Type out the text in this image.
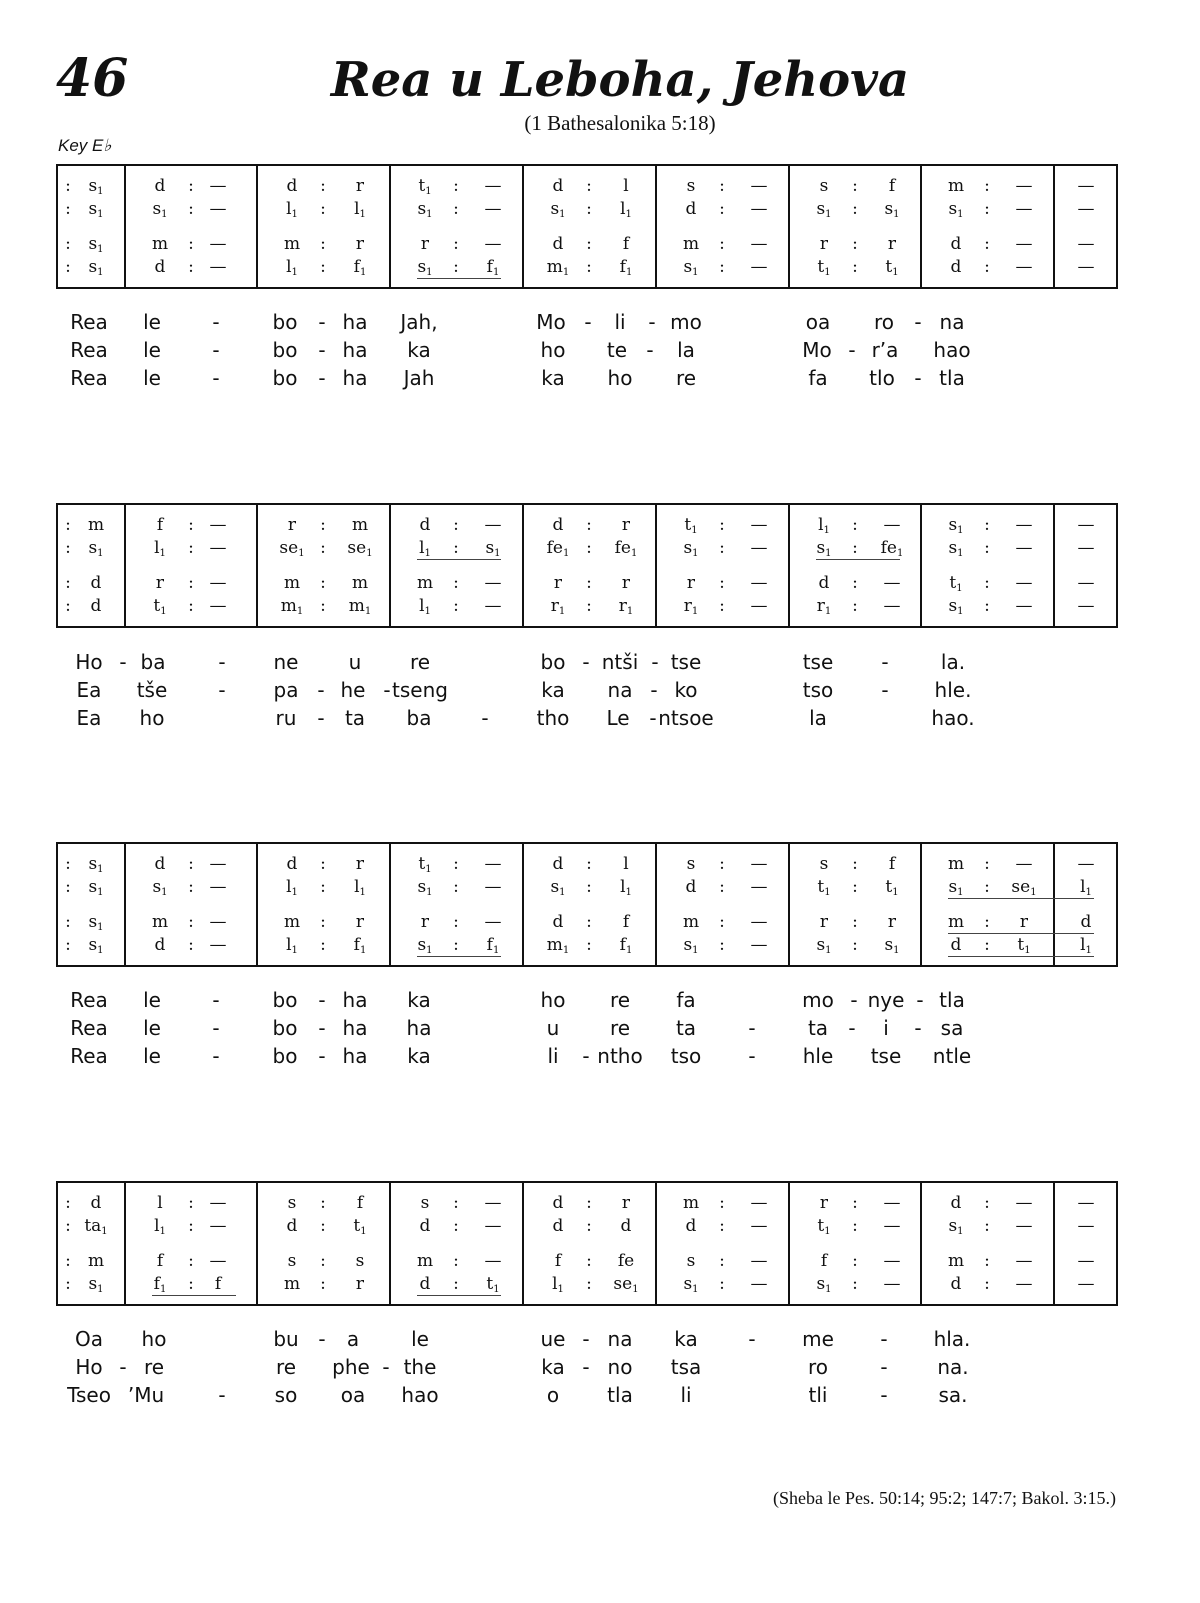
46	Rea u Leboha, Jehova
(1 Bathesalonika 5:18)
Key E♭
:	$s_1$	d	: —	d	:	r	$t_1$	:	—	d	:	l	s	:	—	s	:	f	m	:	—	—
:	$s_1$	$s_1$	: —	$l_1$	:	$l_1$	$s_1$	:	—	$s_1$	:	$l_1$	d	:	—	$s_1$	:	$s_1$	$s_1$	:	—	—
:	$s_1$	m	: —	m	:	r	r	:	—	d	:	f	m	:	—	r	:	r	d	:	—	—
:	$s_1$	d	: —	$l_1$	:	$f_1$	$s_1$	:	$f_1$	$m_1$ :	$f_1$	$s_1$	:	—	$t_1$	:	$t_1$	d	:	—	—
Rea	le	-	bo	- ha	Jah,	Mo -	li	- mo	oa	ro	- na
Rea	le	-	bo	- ha	ka	ho	te -	la	Mo - r’a	hao
Rea	le	-	bo	- ha	Jah	ka	ho	re	fa	tlo - tla
:	m	f	: —	r	:	m	d	:	—	d	:	r	$t_1$	:	—	$l_1$	:	—	$s_1$	:	—	—
:	$s_1$	$l_1$	: —	$se_1$ :	$se_1$	$l_1$	:	$s_1$	$fe_1$ :	$fe_1$	$s_1$	:	—	$s_1$	:	$fe_1$	$s_1$	:	—	—
:	d	r	: —	m	:	m	m	:	—	r	:	r	r	:	—	d	:	—	$t_1$	:	—	—
:	d	$t_1$	: —	$m_1$ :	$m_1$	$l_1$	:	—	$r_1$	:	$r_1$	$r_1$	:	—	$r_1$	:	—	$s_1$	:	—	—
Ho - ba	-	ne	u	re	bo - ntši - tse	tse	-	la.
Ea	tše	-	pa - he - tseng	ka	na - ko	tso	-	hle.
Ea	ho	ru	-	ta	ba	-	tho	Le - ntsoe	la	hao.
:	$s_1$	d	: —	d	:	r	$t_1$	:	—	d	:	l	s	:	—	s	:	f	m	:	—	—
:	$s_1$	$s_1$	: —	$l_1$	:	$l_1$	$s_1$	:	—	$s_1$	:	$l_1$	d	:	—	$t_1$	:	$t_1$	$s_1$	:	$se_1$	$l_1$
:	$s_1$	m	: —	m	:	r	r	:	—	d	:	f	m	:	—	r	:	r	m	:	r	d
:	$s_1$	d	: —	$l_1$	:	$f_1$	$s_1$	:	$f_1$	$m_1$ :	$f_1$	$s_1$	:	—	$s_1$	:	$s_1$	d	:	$t_1$	$l_1$
Rea	le	-	bo	- ha	ka	ho	re	fa	mo - nye - tla
Rea	le	-	bo	- ha	ha	u	re	ta	-	ta	-	i	- sa
Rea	le	-	bo	- ha	ka	li	- ntho	tso	-	hle	tse	ntle
:	d	l	: —	s	:	f	s	:	—	d	:	r	m	:	—	r	:	—	d	:	—	—
: $ta_1$	$l_1$	: —	d	:	$t_1$	d	:	—	d	:	d	d	:	—	$t_1$	:	—	$s_1$	:	—	—
:	m	f	: —	s	:	s	m	:	—	f	:	fe	s	:	—	f	:	—	m	:	—	—
:	$s_1$	$f_1$	:	f	m	:	r	d	:	$t_1$	$l_1$	:	$se_1$	$s_1$	:	—	$s_1$	:	—	d	:	—	—
Oa	ho	bu -	a	le	ue - na	ka	-	me	-	hla.
Ho - re	re	phe - the	ka - no	tsa	ro	-	na.
Tseo ’Mu	-	so	oa	hao	o	tla	li	tli	-	sa.
(Sheba le Pes. 50:14; 95:2; 147:7; Bakol. 3:15.)
